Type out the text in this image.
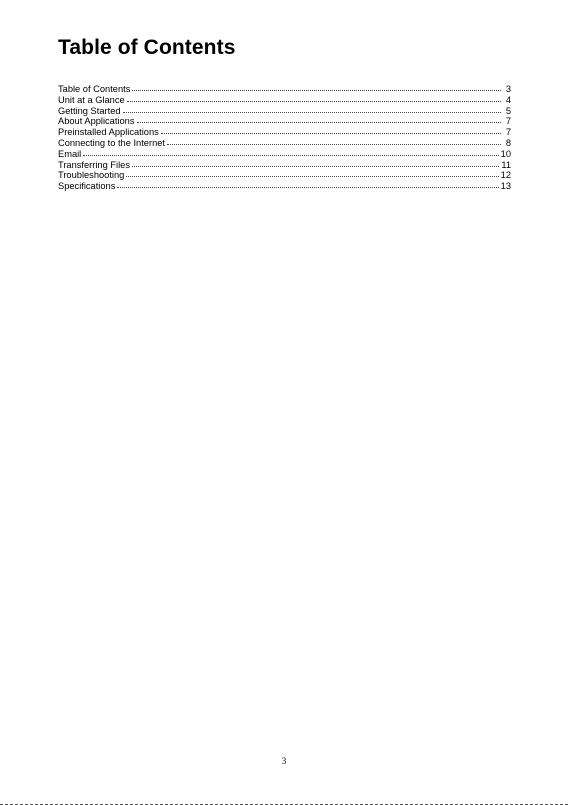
Table of Contents
Table of Contents	3
Unit at a Glance	4
Getting Started	5
About Applications	7
Preinstalled Applications	7
Connecting to the Internet	8
Email	10
Transferring Files	11
Troubleshooting	12
Specifications	13
3
